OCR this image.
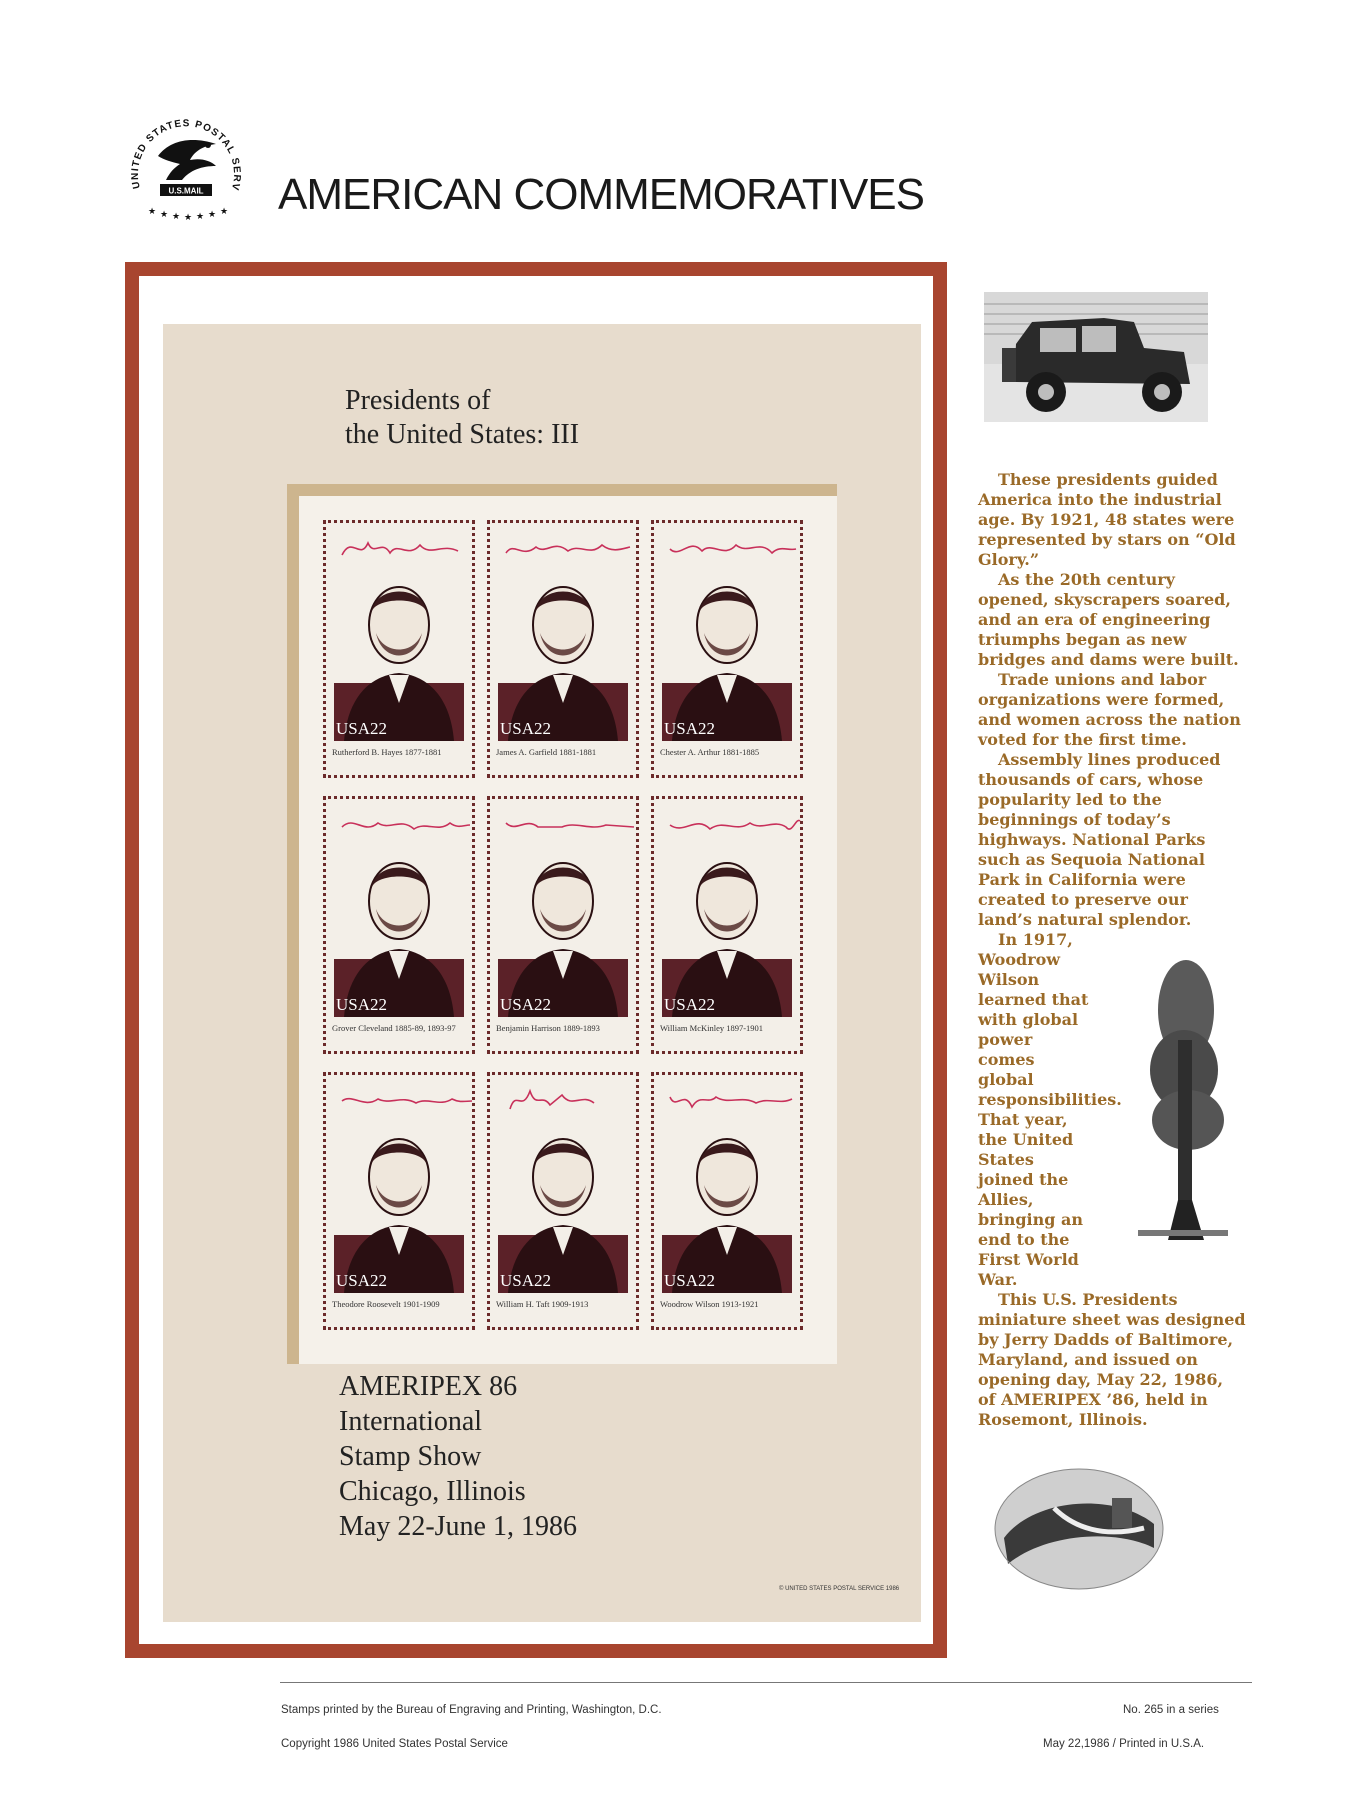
UNITED STATES POSTAL SERV
U.S.MAIL
★ ★ ★ ★ ★ ★ ★ AMERICAN COMMEMORATIVES
Presidents of
the United States: III
USA22
Rutherford B. Hayes 1877-1881
USA22
James A. Garfield 1881-1881
USA22
Chester A. Arthur 1881-1885
USA22
Grover Cleveland 1885-89, 1893-97
USA22
Benjamin Harrison 1889-1893
USA22
William McKinley 1897-1901
USA22
Theodore Roosevelt 1901-1909
USA22
William H. Taft 1909-1913
USA22
Woodrow Wilson 1913-1921
AMERIPEX 86
International
Stamp Show
Chicago, Illinois
May 22-June 1, 1986
© UNITED STATES POSTAL SERVICE 1986

These presidents guided America into the industrial age. By 1921, 48 states were represented by stars on “Old Glory.”

As the 20th century opened, skyscrapers soared, and an era of engineering triumphs began as new bridges and dams were built.

Trade unions and labor organizations were formed, and women across the nation voted for the first time.

Assembly lines produced thousands of cars, whose popularity led to the beginnings of today’s highways. National Parks such as Sequoia National Park in California were created to preserve our land’s natural splendor.

In 1917, Woodrow Wilson learned that with global power comes global responsibilities. That year, the United States joined the Allies, bringing an end to the First World War.

This U.S. Presidents miniature sheet was designed by Jerry Dadds of Baltimore, Maryland, and issued on opening day, May 22, 1986, of AMERIPEX ’86, held in Rosemont, Illinois.

Stamps printed by the Bureau of Engraving and Printing, Washington, D.C.	No. 265 in a series
Copyright 1986 United States Postal Service	May 22,1986 / Printed in U.S.A.
